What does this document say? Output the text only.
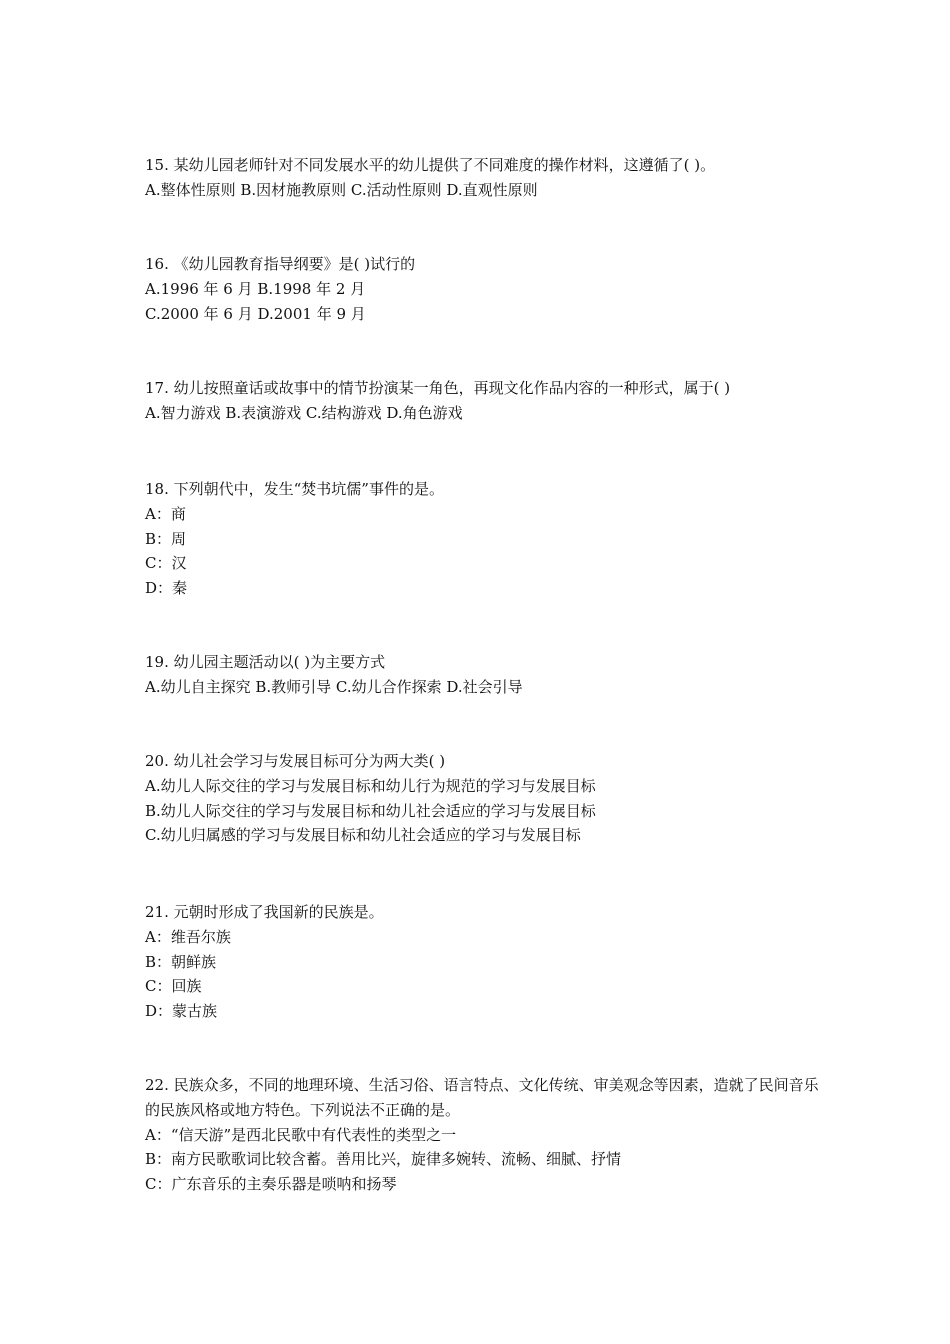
15. 某幼儿园老师针对不同发展水平的幼儿提供了不同难度的操作材料，这遵循了( )。
A.整体性原则 B.因材施教原则 C.活动性原则 D.直观性原则
16. 《幼儿园教育指导纲要》是( )试行的
A.1996 年 6 月 B.1998 年 2 月
C.2000 年 6 月 D.2001 年 9 月
17. 幼儿按照童话或故事中的情节扮演某一角色，再现文化作品内容的一种形式，属于( )
A.智力游戏 B.表演游戏 C.结构游戏 D.角色游戏
18. 下列朝代中，发生“焚书坑儒”事件的是。
A：商
B：周
C：汉
D：秦
19. 幼儿园主题活动以( )为主要方式
A.幼儿自主探究 B.教师引导 C.幼儿合作探索 D.社会引导
20. 幼儿社会学习与发展目标可分为两大类( )
A.幼儿人际交往的学习与发展目标和幼儿行为规范的学习与发展目标
B.幼儿人际交往的学习与发展目标和幼儿社会适应的学习与发展目标
C.幼儿归属感的学习与发展目标和幼儿社会适应的学习与发展目标
21. 元朝时形成了我国新的民族是。
A：维吾尔族
B：朝鲜族
C：回族
D：蒙古族
22. 民族众多，不同的地理环境、生活习俗、语言特点、文化传统、审美观念等因素，造就了民间音乐的民族风格或地方特色。下列说法不正确的是。
A：“信天游”是西北民歌中有代表性的类型之一
B：南方民歌歌词比较含蓄。善用比兴，旋律多婉转、流畅、细腻、抒情
C：广东音乐的主奏乐器是唢呐和扬琴
